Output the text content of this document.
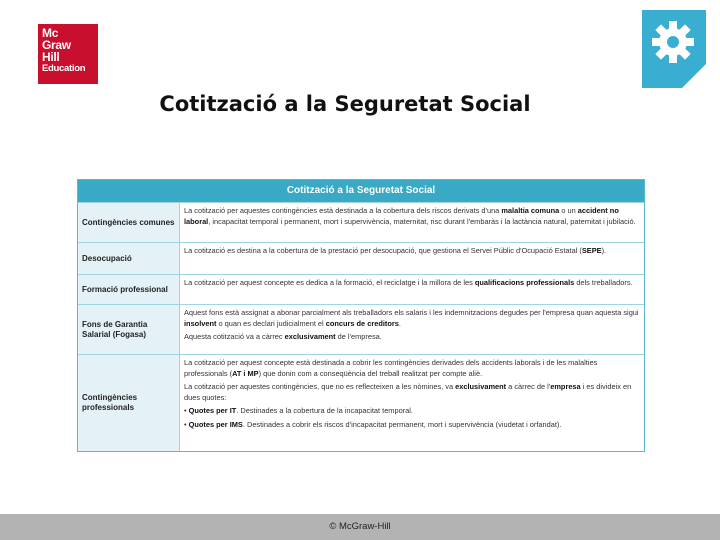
Mc
Graw
Hill
Education
Cotització a la Seguretat Social
Cotització a la Seguretat Social
Contingències comunes

La cotització per aquestes contingències està destinada a la cobertura dels riscos derivats d'una malaltia comuna o un accident no laboral, incapacitat temporal i permanent, mort i supervivència, maternitat, risc durant l'embaràs i la lactància natural, paternitat i jubilació.

Desocupació

La cotització es destina a la cobertura de la prestació per desocupació, que gestiona el Servei Públic d'Ocupació Estatal (SEPE).

Formació professional

La cotització per aquest concepte es dedica a la formació, el reciclatge i la millora de les qualificacions professionals dels treballadors.

Fons de Garantia Salarial (Fogasa)

Aquest fons està assignat a abonar parcialment als treballadors els salaris i les indemnitzacions degudes per l'empresa quan aquesta sigui insolvent o quan es declari judicialment el concurs de creditors.

Aquesta cotització va a càrrec exclusivament de l'empresa.

Contingències professionals

La cotització per aquest concepte està destinada a cobrir les contingències derivades dels accidents laborals i de les malalties professionals (AT i MP) que donin com a conseqüència del treball realitzat per compte aliè.

La cotització per aquestes contingències, que no es reflecteixen a les nòmines, va exclusivament a càrrec de l'empresa i es divideix en dues quotes:

• Quotes per IT. Destinades a la cobertura de la incapacitat temporal.

• Quotes per IMS. Destinades a cobrir els riscos d'incapacitat permanent, mort i supervivència (viudetat i orfandat).

© McGraw-Hill
